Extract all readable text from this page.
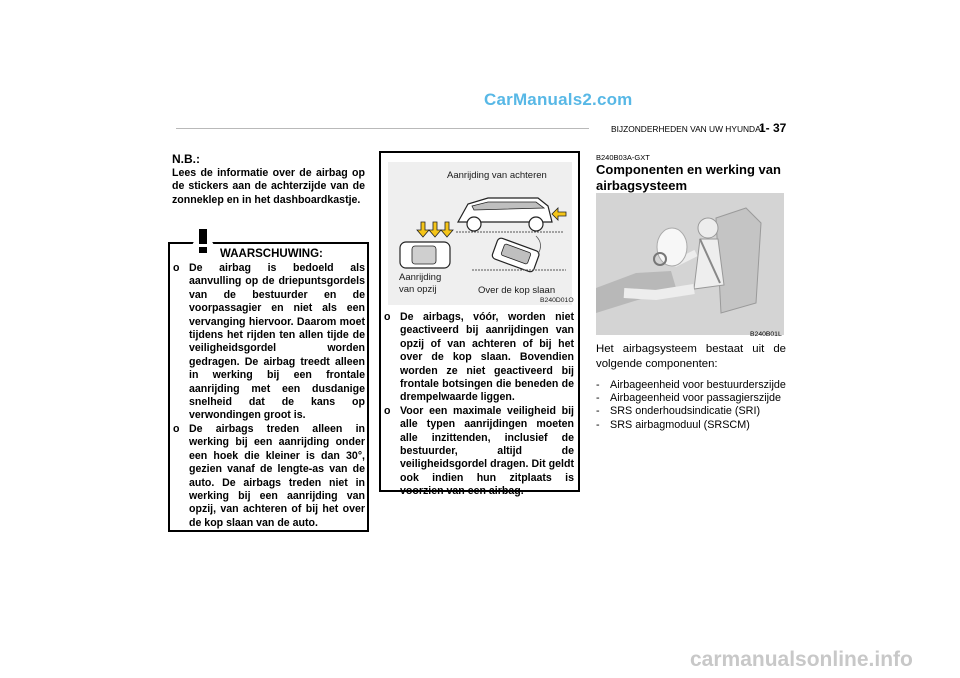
CarManuals2.com
BIJZONDERHEDEN VAN UW HYUNDAI
1- 37
N.B.:
Lees de informatie over de airbag op de stickers aan de achterzijde van de zonneklep en in het dashboardkastje.
WAARSCHUWING:
o De airbag is bedoeld als aanvulling op de driepuntsgordels van de bestuurder en de voorpassagier en niet als een vervanging hiervoor. Daarom moet tijdens het rijden ten allen tijde de veiligheidsgordel worden gedragen. De airbag treedt alleen in werking bij een frontale aanrijding met een dusdanige snelheid dat de kans op verwondingen groot is.
o De airbags treden alleen in werking bij een aanrijding onder een hoek die kleiner is dan 30°, gezien vanaf de lengte-as van de auto. De airbags treden niet in werking bij een aanrijding van opzij, van achteren of bij het over de kop slaan van de auto.
Aanrijding van achteren
Aanrijding
van opzij	Over de kop slaan
B240D01O
o De airbags, vóór, worden niet geactiveerd bij aanrijdingen van opzij of van achteren of bij het over de kop slaan. Bovendien worden ze niet geactiveerd bij frontale botsingen die beneden de drempelwaarde liggen.
o Voor een maximale veiligheid bij alle typen aanrijdingen moeten alle inzittenden, inclusief de bestuurder, altijd de veiligheidsgordel dragen. Dit geldt ook indien hun zitplaats is voorzien van een airbag.
B240B03A-GXT
Componenten en werking van airbagsysteem
B240B01L
Het airbagsysteem bestaat uit de volgende componenten:
- Airbageenheid voor bestuurderszijde
- Airbageenheid voor passagierszijde
- SRS onderhoudsindicatie (SRI)
- SRS airbagmoduul (SRSCM)
carmanualsonline.info
